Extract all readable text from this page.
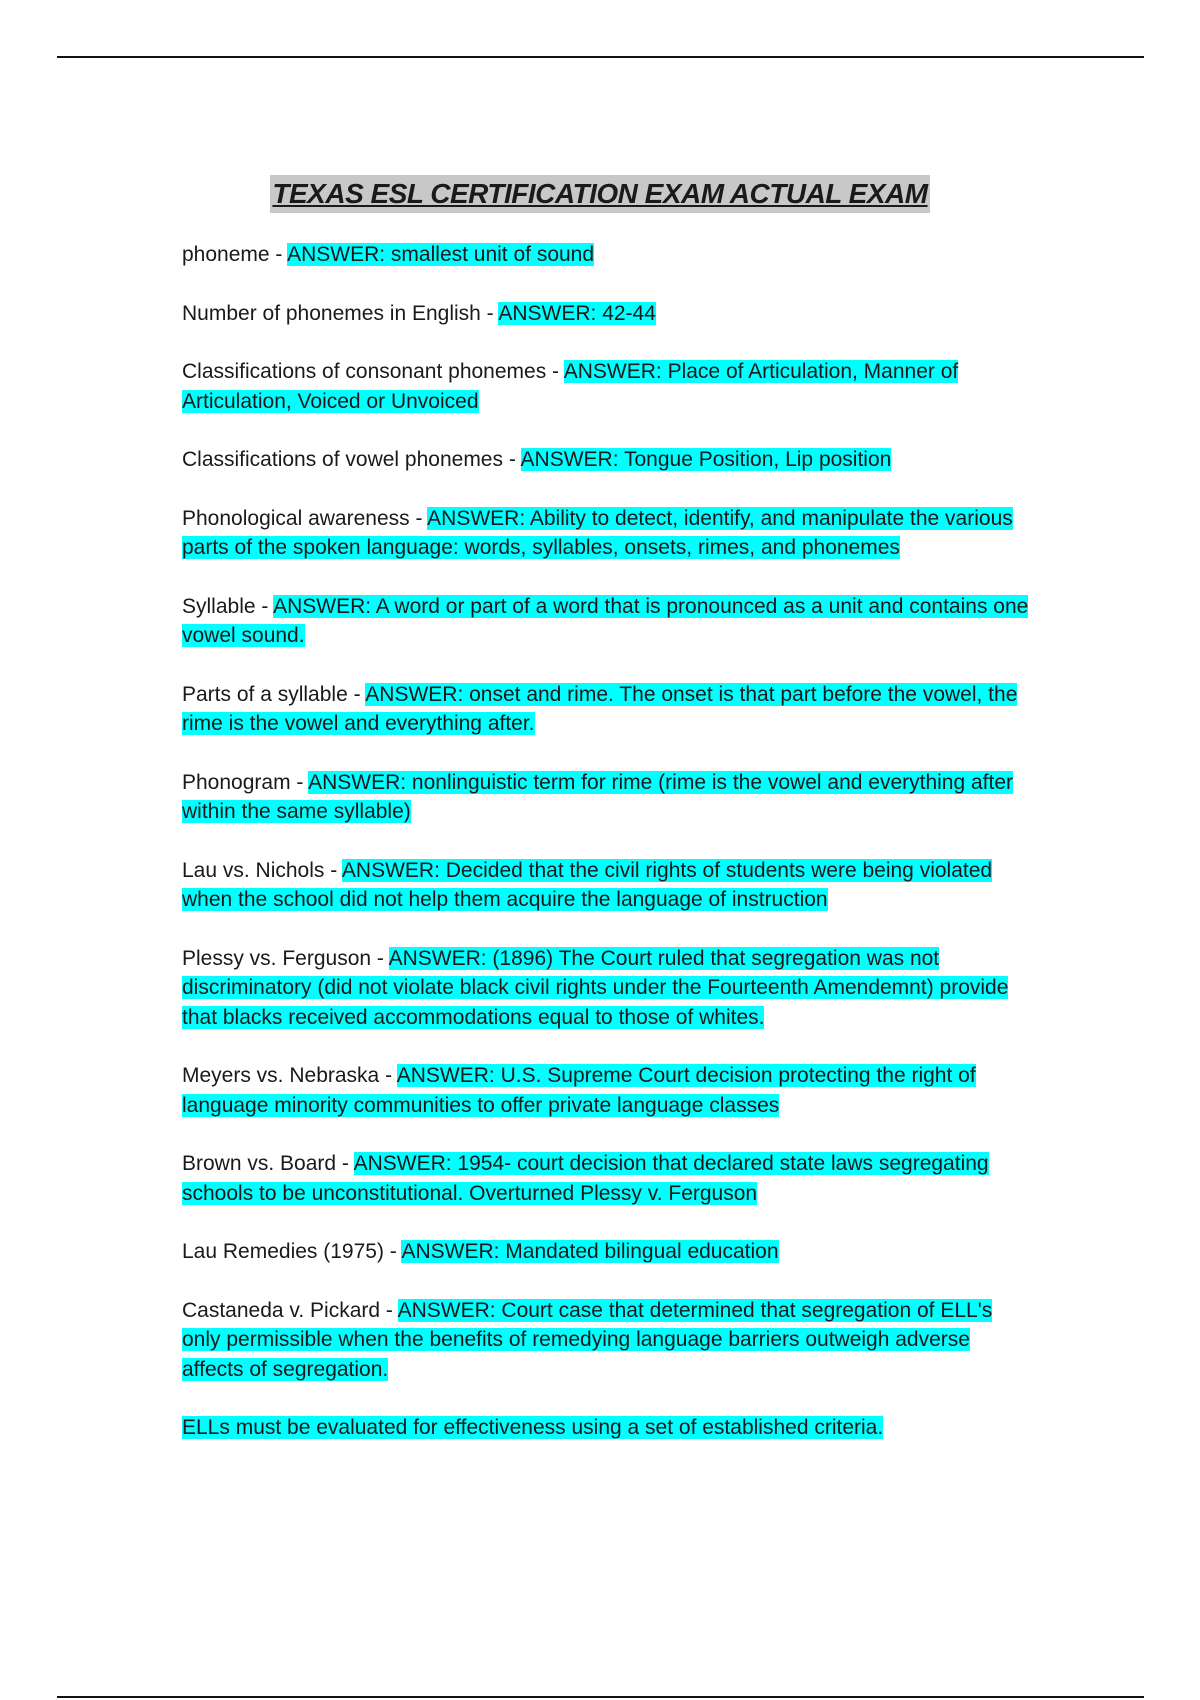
TEXAS ESL CERTIFICATION EXAM ACTUAL EXAM
phoneme - ANSWER: smallest unit of sound
Number of phonemes in English - ANSWER: 42-44
Classifications of consonant phonemes - ANSWER: Place of Articulation, Manner of Articulation, Voiced or Unvoiced
Classifications of vowel phonemes - ANSWER: Tongue Position, Lip position
Phonological awareness - ANSWER: Ability to detect, identify, and manipulate the various parts of the spoken language: words, syllables, onsets, rimes, and phonemes
Syllable - ANSWER: A word or part of a word that is pronounced as a unit and contains one vowel sound.
Parts of a syllable - ANSWER: onset and rime. The onset is that part before the vowel, the rime is the vowel and everything after.
Phonogram - ANSWER: nonlinguistic term for rime (rime is the vowel and everything after within the same syllable)
Lau vs. Nichols - ANSWER: Decided that the civil rights of students were being violated when the school did not help them acquire the language of instruction
Plessy vs. Ferguson - ANSWER: (1896) The Court ruled that segregation was not discriminatory (did not violate black civil rights under the Fourteenth Amendemnt) provide that blacks received accommodations equal to those of whites.
Meyers vs. Nebraska - ANSWER: U.S. Supreme Court decision protecting the right of language minority communities to offer private language classes
Brown vs. Board - ANSWER: 1954- court decision that declared state laws segregating schools to be unconstitutional. Overturned Plessy v. Ferguson
Lau Remedies (1975) - ANSWER: Mandated bilingual education
Castaneda v. Pickard - ANSWER: Court case that determined that segregation of ELL's only permissible when the benefits of remedying language barriers outweigh adverse affects of segregation.
ELLs must be evaluated for effectiveness using a set of established criteria.
